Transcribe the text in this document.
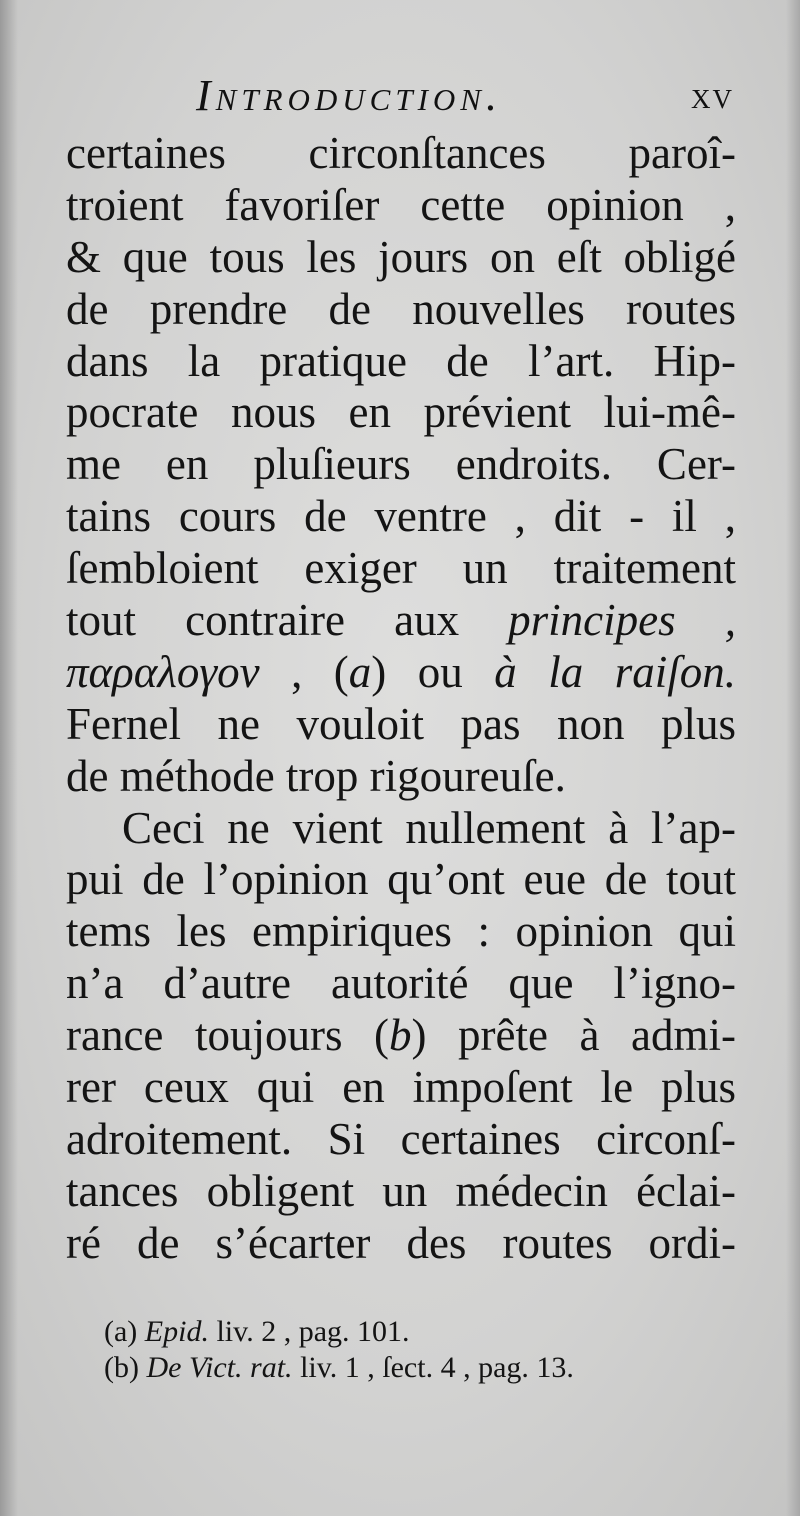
Introduction.	xv
certaines circonſtances paroî-
troient favoriſer cette opinion ,
& que tous les jours on eſt obligé
de prendre de nouvelles routes
dans la pratique de l’art. Hip-
pocrate nous en prévient lui-mê-
me en pluſieurs endroits. Cer-
tains cours de ventre , dit - il ,
ſembloient exiger un traitement
tout contraire aux principes ,
παραλογον , (a) ou à la raiſon.
Fernel ne vouloit pas non plus
de méthode trop rigoureuſe.
Ceci ne vient nullement à l’ap-
pui de l’opinion qu’ont eue de tout
tems les empiriques : opinion qui
n’a d’autre autorité que l’igno-
rance toujours (b) prête à admi-
rer ceux qui en impoſent le plus
adroitement. Si certaines circonſ-
tances obligent un médecin éclai-
ré de s’écarter des routes ordi-
(a) Epid. liv. 2 , pag. 101.
(b) De Vict. rat. liv. 1 , ſect. 4 , pag. 13.
